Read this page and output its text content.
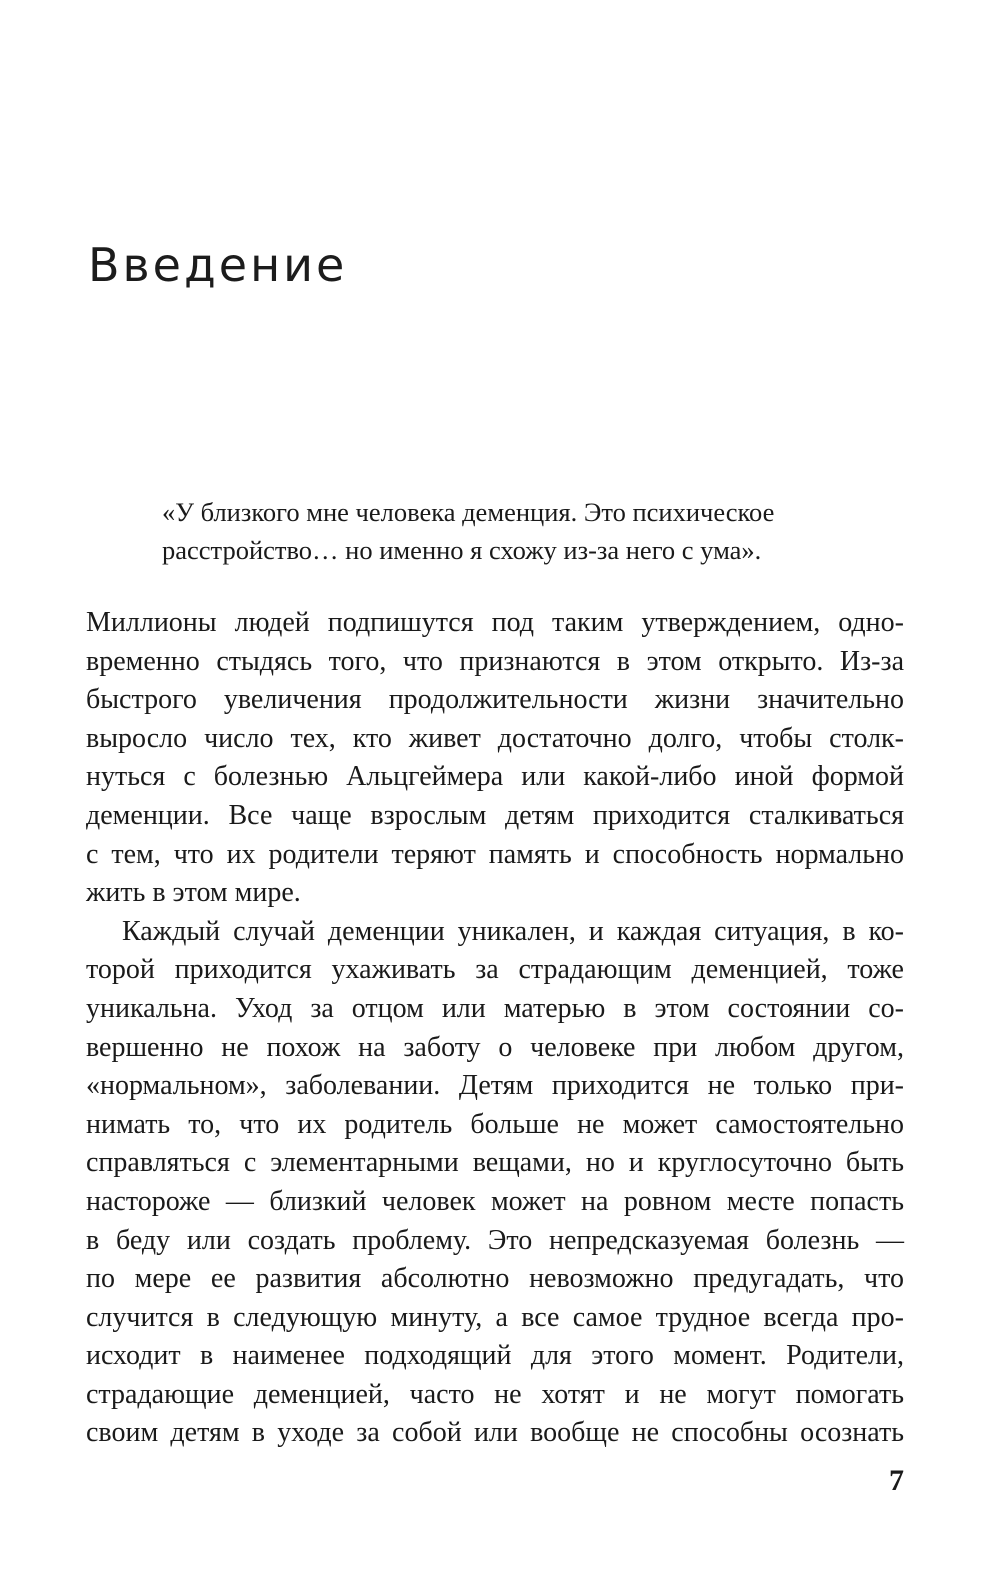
Введение
«У близкого мне человека деменция. Это психическое
расстройство… но именно я схожу из-за него с ума».
Миллионы людей подпишутся под таким утверждением, одно-
временно стыдясь того, что признаются в этом открыто. Из-за
быстрого увеличения продолжительности жизни значительно
выросло число тех, кто живет достаточно долго, чтобы столк-
нуться с болезнью Альцгеймера или какой-либо иной формой
деменции. Все чаще взрослым детям приходится сталкиваться
с тем, что их родители теряют память и способность нормально
жить в этом мире.
Каждый случай деменции уникален, и каждая ситуация, в ко-
торой приходится ухаживать за страдающим деменцией, тоже
уникальна. Уход за отцом или матерью в этом состоянии со-
вершенно не похож на заботу о человеке при любом другом,
«нормальном», заболевании. Детям приходится не только при-
нимать то, что их родитель больше не может самостоятельно
справляться с элементарными вещами, но и круглосуточно быть
настороже — близкий человек может на ровном месте попасть
в беду или создать проблему. Это непредсказуемая болезнь —
по мере ее развития абсолютно невозможно предугадать, что
случится в следующую минуту, а все самое трудное всегда про-
исходит в наименее подходящий для этого момент. Родители,
страдающие деменцией, часто не хотят и не могут помогать
своим детям в уходе за собой или вообще не способны осознать
7
